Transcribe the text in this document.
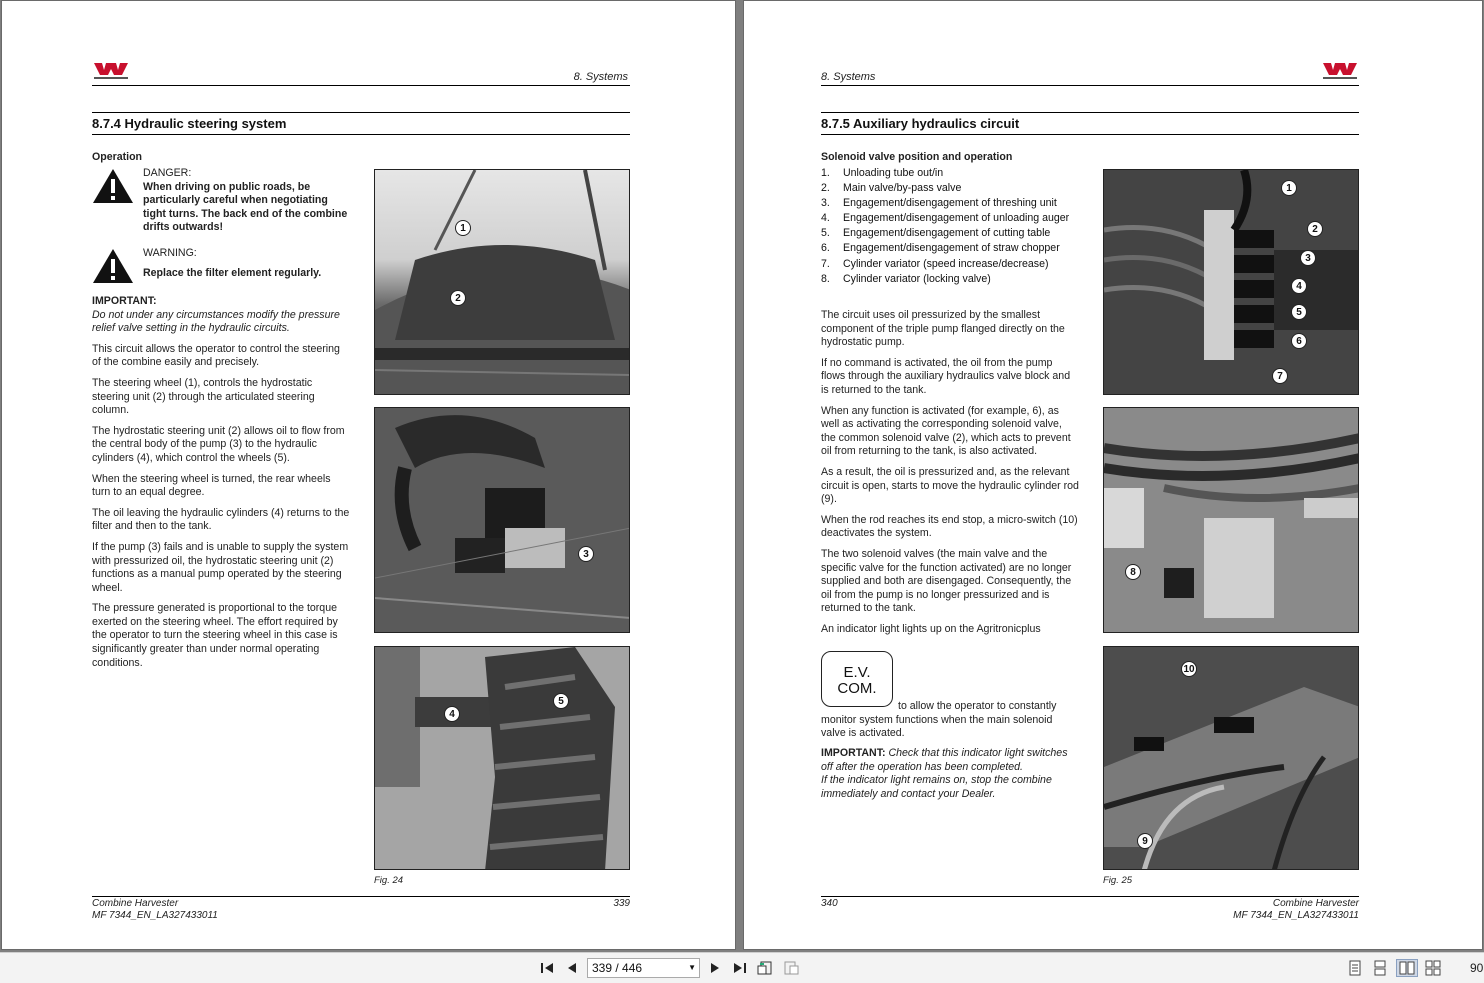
8. Systems
8.7.4 Hydraulic steering system
Operation
DANGER:
When driving on public roads, be particularly careful when negotiating tight turns. The back end of the combine drifts outwards!
WARNING:
Replace the filter element regularly.
IMPORTANT:

Do not under any circumstances modify the pressure relief valve setting in the hydraulic circuits.

This circuit allows the operator to control the steering of the combine easily and precisely.

The steering wheel (1), controls the hydrostatic steering unit (2) through the articulated steering column.

The hydrostatic steering unit (2) allows oil to flow from the central body of the pump (3) to the hydraulic cylinders (4), which control the wheels (5).

When the steering wheel is turned, the rear wheels turn to an equal degree.

The oil leaving the hydraulic cylinders (4) returns to the filter and then to the tank.

If the pump (3) fails and is unable to supply the system with pressurized oil, the hydrostatic steering unit (2) functions as a manual pump operated by the steering wheel.

The pressure generated is proportional to the torque exerted on the steering wheel. The effort required by the operator to turn the steering wheel in this case is significantly greater than under normal operating conditions.

1
2
3
4
5
Fig. 24
Combine Harvester
MF 7344_EN_LA327433011
339
8. Systems
8.7.5 Auxiliary hydraulics circuit
Solenoid valve position and operation
1. Unloading tube out/in
2. Main valve/by-pass valve
3. Engagement/disengagement of threshing unit
4. Engagement/disengagement of unloading auger
5. Engagement/disengagement of cutting table
6. Engagement/disengagement of straw chopper
7. Cylinder variator (speed increase/decrease)
8. Cylinder variator (locking valve)

The circuit uses oil pressurized by the smallest component of the triple pump flanged directly on the hydrostatic pump.

If no command is activated, the oil from the pump flows through the auxiliary hydraulics valve block and is returned to the tank.

When any function is activated (for example, 6), as well as activating the corresponding solenoid valve, the common solenoid valve (2), which acts to prevent oil from returning to the tank, is also activated.

As a result, the oil is pressurized and, as the relevant circuit is open, starts to move the hydraulic cylinder rod (9).

When the rod reaches its end stop, a micro-switch (10) deactivates the system.

The two solenoid valves (the main valve and the specific valve for the function activated) are no longer supplied and both are disengaged. Consequently, the oil from the pump is no longer pressurized and is returned to the tank.

An indicator light lights up on the Agritronicplus

E.V.
COM.
to allow the operator to constantly monitor system functions when the main solenoid valve is activated.
IMPORTANT: Check that this indicator light switches off after the operation has been completed.
If the indicator light remains on, stop the combine immediately and contact your Dealer.
1
2
3
4
5
6
7
8
10
9
Fig. 25
340	Combine Harvester
MF 7344_EN_LA327433011
339 / 446	▼	90
